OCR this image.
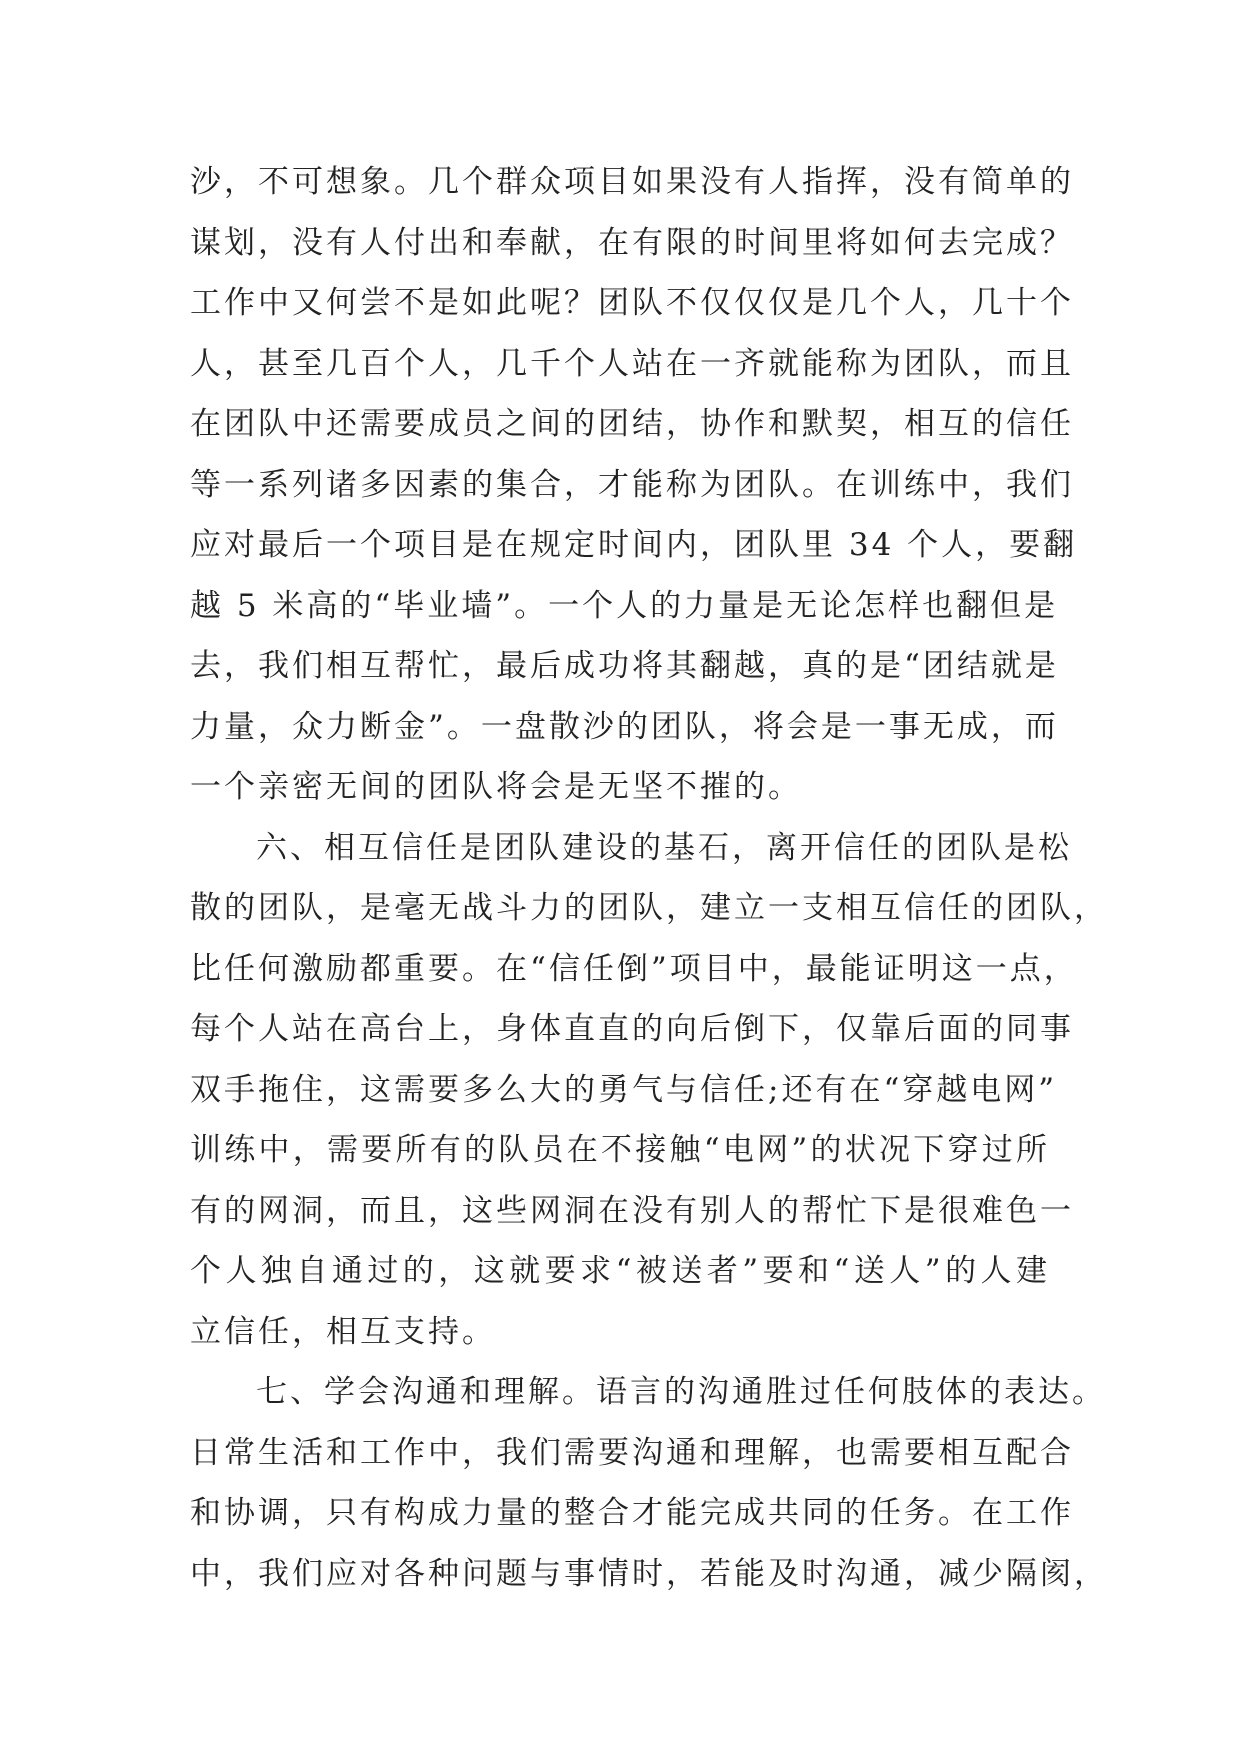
沙，不可想象。几个群众项目如果没有人指挥，没有简单的
谋划，没有人付出和奉献，在有限的时间里将如何去完成？
工作中又何尝不是如此呢？团队不仅仅仅是几个人，几十个
人，甚至几百个人，几千个人站在一齐就能称为团队，而且
在团队中还需要成员之间的团结，协作和默契，相互的信任
等一系列诸多因素的集合，才能称为团队。在训练中，我们
应对最后一个项目是在规定时间内，团队里 34 个人，要翻
越 5 米高的“毕业墙”。一个人的力量是无论怎样也翻但是
去，我们相互帮忙，最后成功将其翻越，真的是“团结就是
力量，众力断金”。一盘散沙的团队，将会是一事无成，而
一个亲密无间的团队将会是无坚不摧的。
六、相互信任是团队建设的基石，离开信任的团队是松
散的团队，是毫无战斗力的团队，建立一支相互信任的团队，
比任何激励都重要。在“信任倒”项目中，最能证明这一点，
每个人站在高台上，身体直直的向后倒下，仅靠后面的同事
双手拖住，这需要多么大的勇气与信任;还有在“穿越电网”
训练中，需要所有的队员在不接触“电网”的状况下穿过所
有的网洞，而且，这些网洞在没有别人的帮忙下是很难色一
个人独自通过的，这就要求“被送者”要和“送人”的人建
立信任，相互支持。
七、学会沟通和理解。语言的沟通胜过任何肢体的表达。
日常生活和工作中，我们需要沟通和理解，也需要相互配合
和协调，只有构成力量的整合才能完成共同的任务。在工作
中，我们应对各种问题与事情时，若能及时沟通，减少隔阂，
